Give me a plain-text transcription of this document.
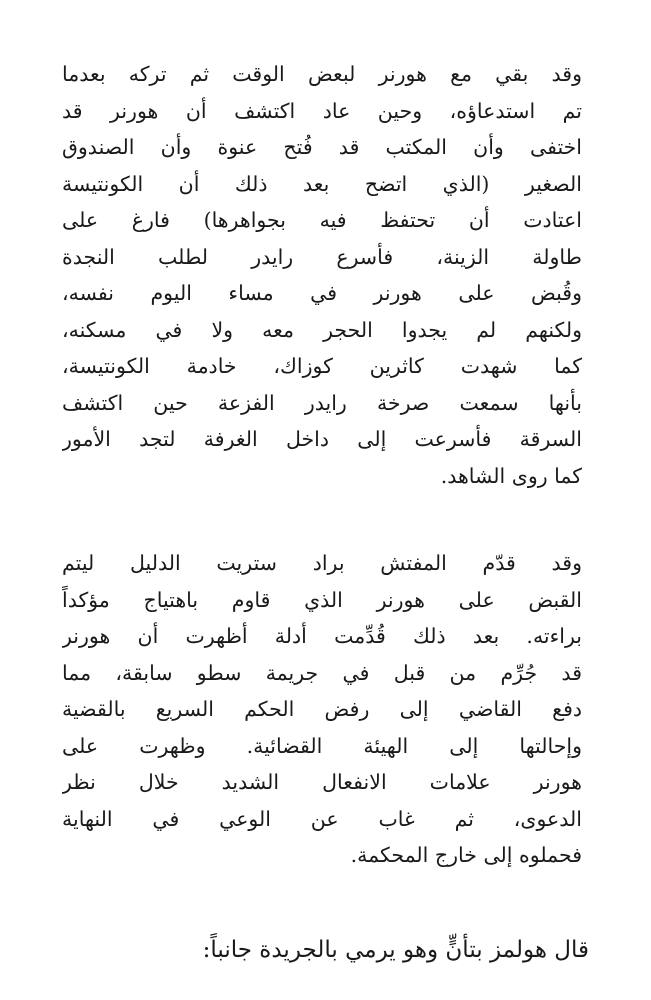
وقد بقي مع هورنر لبعض الوقت ثم تركه بعدما
تم استدعاؤه، وحين عاد اكتشف أن هورنر قد
اختفى وأن المكتب قد فُتح عنوة وأن الصندوق
الصغير (الذي اتضح بعد ذلك أن الكونتيسة
اعتادت أن تحتفظ فيه بجواهرها) فارغ على
طاولة الزينة، فأسرع رايدر لطلب النجدة
وقُبض على هورنر في مساء اليوم نفسه،
ولكنهم لم يجدوا الحجر معه ولا في مسكنه،
كما شهدت كاثرين كوزاك، خادمة الكونتيسة،
بأنها سمعت صرخة رايدر الفزعة حين اكتشف
السرقة فأسرعت إلى داخل الغرفة لتجد الأمور
كما روى الشاهد.
وقد قدّم المفتش براد ستريت الدليل ليتم
القبض على هورنر الذي قاوم باهتياج مؤكداً
براءته. بعد ذلك قُدِّمت أدلة أظهرت أن هورنر
قد جُرِّم من قبل في جريمة سطو سابقة، مما
دفع القاضي إلى رفض الحكم السريع بالقضية
وإحالتها إلى الهيئة القضائية. وظهرت على
هورنر علامات الانفعال الشديد خلال نظر
الدعوى، ثم غاب عن الوعي في النهاية
فحملوه إلى خارج المحكمة.
قال هولمز بتأنٍّ وهو يرمي بالجريدة جانباً:
